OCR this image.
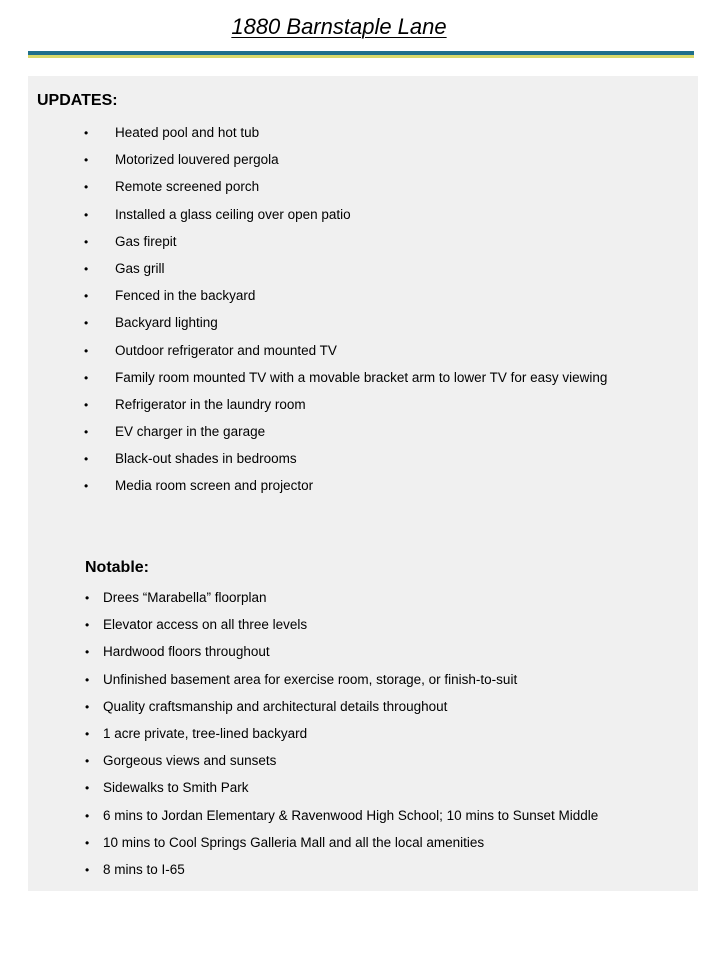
1880 Barnstaple Lane
UPDATES:
• Heated pool and hot tub
• Motorized louvered pergola
• Remote screened porch
• Installed a glass ceiling over open patio
• Gas firepit
• Gas grill
• Fenced in the backyard
• Backyard lighting
• Outdoor refrigerator and mounted TV
• Family room mounted TV with a movable bracket arm to lower TV for easy viewing
• Refrigerator in the laundry room
• EV charger in the garage
• Black-out shades in bedrooms
• Media room screen and projector
Notable:
• Drees “Marabella” floorplan
• Elevator access on all three levels
• Hardwood floors throughout
• Unfinished basement area for exercise room, storage, or finish-to-suit
• Quality craftsmanship and architectural details throughout
• 1 acre private, tree-lined backyard
• Gorgeous views and sunsets
• Sidewalks to Smith Park
• 6 mins to Jordan Elementary & Ravenwood High School; 10 mins to Sunset Middle
• 10 mins to Cool Springs Galleria Mall and all the local amenities
• 8 mins to I-65
